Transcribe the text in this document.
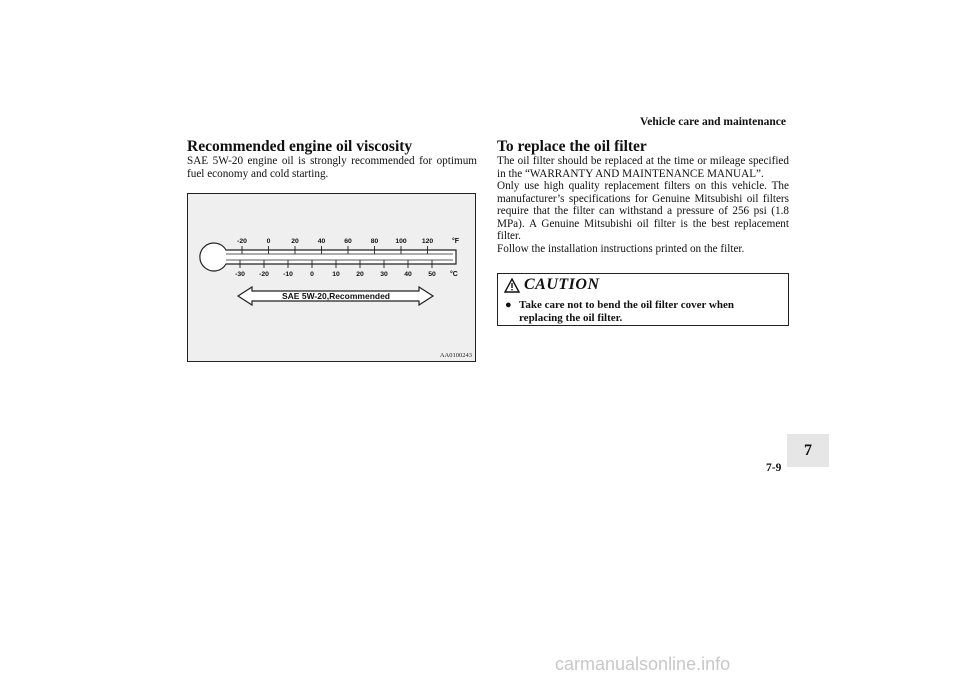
Vehicle care and maintenance
Recommended engine oil viscosity

SAE 5W-20 engine oil is strongly recommended for optimum fuel economy and cold starting.

-20	0	20	40	60	80	100 120
-30 -20 -10	0	10 20 30 40 50
°F
°C
SAE 5W-20,Recommended
AA0100243
To replace the oil filter

The oil filter should be replaced at the time or mileage specified in the “WARRANTY AND MAINTENANCE MANUAL”.

Only use high quality replacement filters on this vehicle. The manufacturer’s specifications for Genuine Mitsubishi oil filters require that the filter can withstand a pressure of 256 psi (1.8 MPa). A Genuine Mitsubishi oil filter is the best replacement filter.

Follow the installation instructions printed on the filter.

CAUTION
● Take care not to bend the oil filter cover when
replacing the oil filter.
7
7-9
carmanualsonline.info
